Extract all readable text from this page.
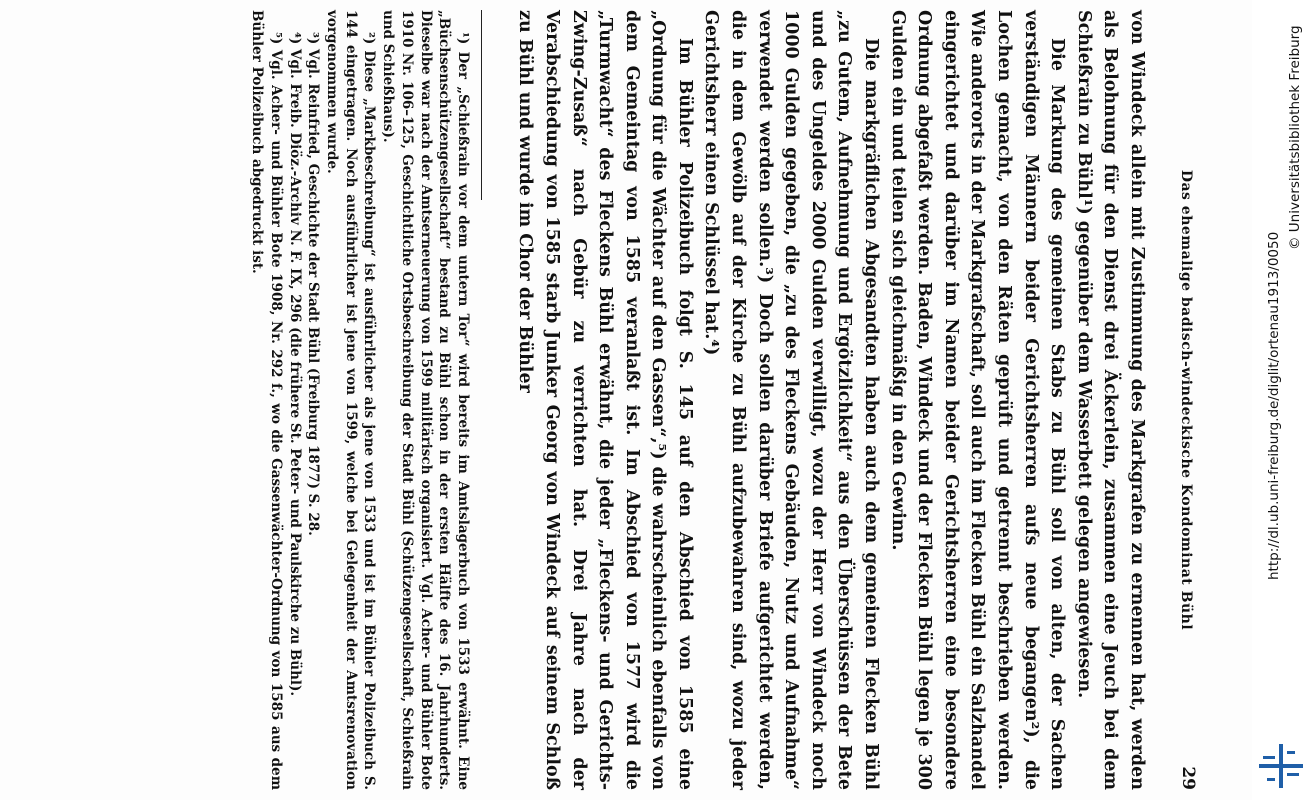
Das ehemalige badisch-windeckische Kondominat Bühl
29

von Windeck allein mit Zustimmung des Markgrafen zu ernennen hat, werden als Belohnung für den Dienst drei Äckerlein, zusammen eine Jeuch bei dem Schießrain zu Bühl¹) gegenüber dem Wasserbett gelegen angewiesen.

Die Markung des gemeinen Stabs zu Bühl soll von alten, der Sachen verständigen Männern beider Gerichtsherren aufs neue begangen²), die Lochen gemacht, von den Räten geprüft und getrennt beschrieben werden. Wie anderorts in der Markgrafschaft, soll auch im Flecken Bühl ein Salzhandel eingerichtet und darüber im Namen beider Gerichtsherren eine besondere Ordnung abgefaßt werden. Baden, Windeck und der Flecken Bühl legen je 300 Gulden ein und teilen sich gleichmäßig in den Gewinn.

Die markgräflichen Abgesandten haben auch dem gemeinen Flecken Bühl „zu Gutem, Aufnehmung und Ergötzlichkeit“ aus den Überschüssen der Bete und des Ungeldes 2000 Gulden verwilligt, wozu der Herr von Windeck noch 1000 Gulden gegeben, die „zu des Fleckens Gebäuden, Nutz und Aufnahme“ verwendet werden sollen.³) Doch sollen darüber Briefe aufgerichtet werden, die in dem Gewölb auf der Kirche zu Bühl aufzubewahren sind, wozu jeder Gerichtsherr einen Schlüssel hat.⁴)

Im Bühler Polizeibuch folgt S. 145 auf den Abschied von 1585 eine „Ordnung für die Wächter auf den Gassen“,⁵) die wahrscheinlich ebenfalls von dem Gemeintag von 1585 veranlaßt ist. Im Abschied von 1577 wird die „Turmwacht“ des Fleckens Bühl erwähnt, die jeder „Fleckens- und Gerichts-Zwing-Zusaß“ nach Gebür zu verrichten hat. Drei Jahre nach der Verabschiedung von 1585 starb Junker Georg von Windeck auf seinem Schloß zu Bühl und wurde im Chor der Bühler

¹) Der „Schießrain vor dem untern Tor“ wird bereits im Amtslagerbuch von 1533 erwähnt. Eine „Büchsenschützengesellschaft“ bestand zu Bühl schon in der ersten Hälfte des 16. Jahrhunderts. Dieselbe war nach der Amtserneuerung von 1599 militärisch organisiert. Vgl. Acher- und Bühler Bote 1910 Nr. 106–125, Geschichtliche Ortsbeschreibung der Stadt Bühl (Schützengesellschaft, Schießrain und Schießhaus).

²) Diese „Markbeschreibung“ ist ausführlicher als jene von 1533 und ist im Bühler Polizeibuch S. 144 eingetragen. Noch ausführlicher ist jene von 1599, welche bei Gelegenheit der Amtsrenovation vorgenommen wurde.

³) Vgl. Reinfried, Geschichte der Stadt Bühl (Freiburg 1877) S. 28.

⁴) Vgl. Freib. Diöz.-Archiv N. F. IX, 296 (die frühere St. Peter- und Paulskirche zu Bühl).

⁵) Vgl. Acher- und Bühler Bote 1908, Nr. 292 f., wo die Gassenwächter-Ordnung von 1585 aus dem Bühler Polizeibuch abgedruckt ist.

http://dl.ub.uni-freiburg.de/diglit/ortenau1913/0050
© Universitätsbibliothek Freiburg
